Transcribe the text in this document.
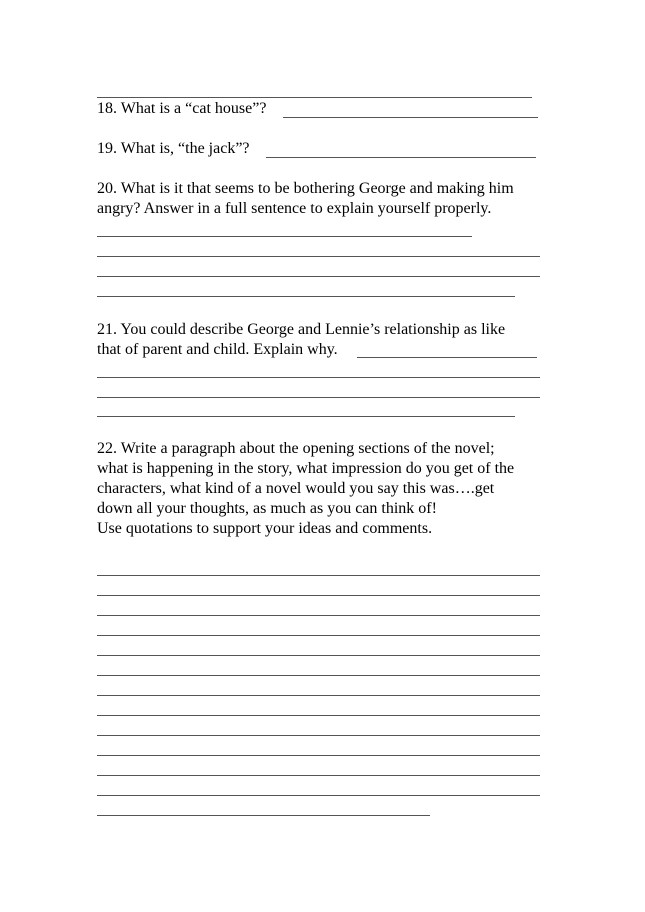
18. What is a “cat house”?

19. What is, “the jack”?

20. What is it that seems to be bothering George and making him

angry? Answer in a full sentence to explain yourself properly.

21. You could describe George and Lennie’s relationship as like

that of parent and child. Explain why.

22. Write a paragraph about the opening sections of the novel;

what is happening in the story, what impression do you get of the

characters, what kind of a novel would you say this was….get

down all your thoughts, as much as you can think of!

Use quotations to support your ideas and comments.
